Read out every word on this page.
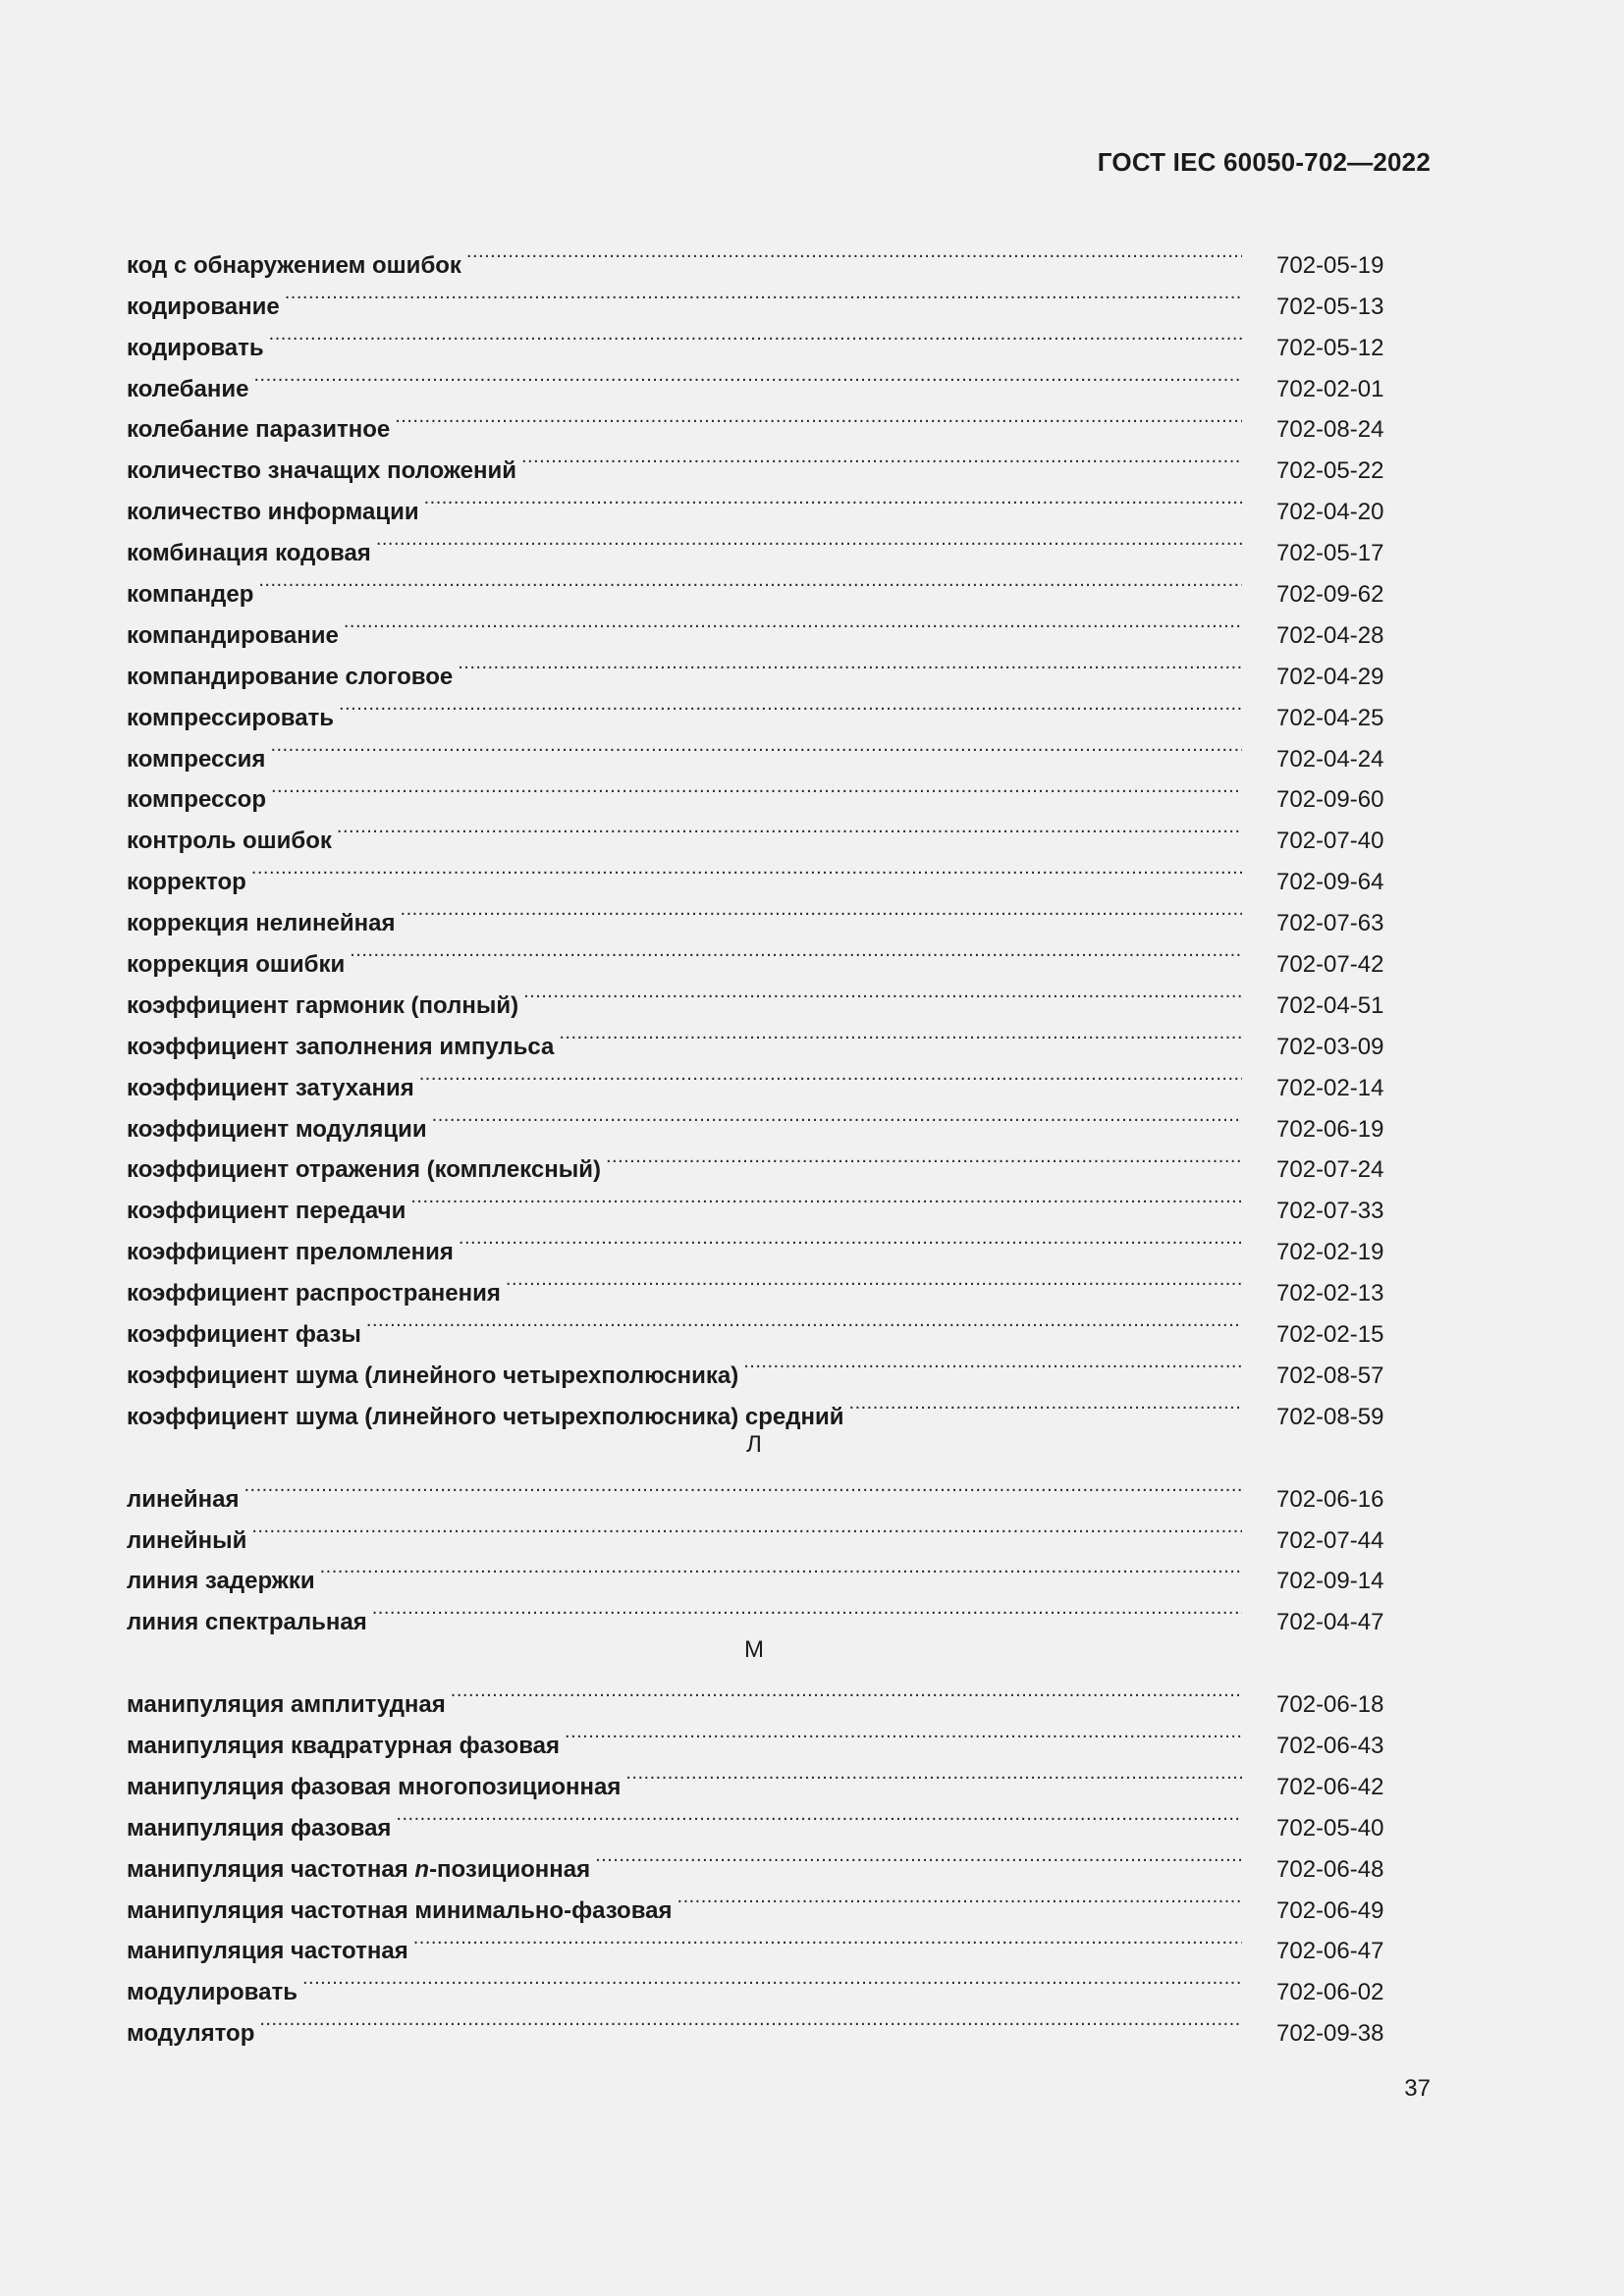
ГОСТ IEC 60050-702—2022
код с обнаружением ошибок .....	702-05-19
кодирование .....	702-05-13
кодировать .....	702-05-12
колебание .....	702-02-01
колебание паразитное .....	702-08-24
количество значащих положений .....	702-05-22
количество информации .....	702-04-20
комбинация кодовая .....	702-05-17
компандер .....	702-09-62
компандирование .....	702-04-28
компандирование слоговое .....	702-04-29
компрессировать .....	702-04-25
компрессия .....	702-04-24
компрессор .....	702-09-60
контроль ошибок .....	702-07-40
корректор .....	702-09-64
коррекция нелинейная .....	702-07-63
коррекция ошибки .....	702-07-42
коэффициент гармоник (полный) .....	702-04-51
коэффициент заполнения импульса .....	702-03-09
коэффициент затухания .....	702-02-14
коэффициент модуляции .....	702-06-19
коэффициент отражения (комплексный) .....	702-07-24
коэффициент передачи .....	702-07-33
коэффициент преломления .....	702-02-19
коэффициент распространения .....	702-02-13
коэффициент фазы .....	702-02-15
коэффициент шума (линейного четырехполюсника) .....	702-08-57
коэффициент шума (линейного четырехполюсника) средний .....	702-08-59
Л
линейная .....	702-06-16
линейный .....	702-07-44
линия задержки .....	702-09-14
линия спектральная .....	702-04-47
М
манипуляция амплитудная .....	702-06-18
манипуляция квадратурная фазовая .....	702-06-43
манипуляция фазовая многопозиционная .....	702-06-42
манипуляция фазовая .....	702-05-40
манипуляция частотная n-позиционная .....	702-06-48
манипуляция частотная минимально-фазовая .....	702-06-49
манипуляция частотная .....	702-06-47
модулировать .....	702-06-02
модулятор .....	702-09-38
37
